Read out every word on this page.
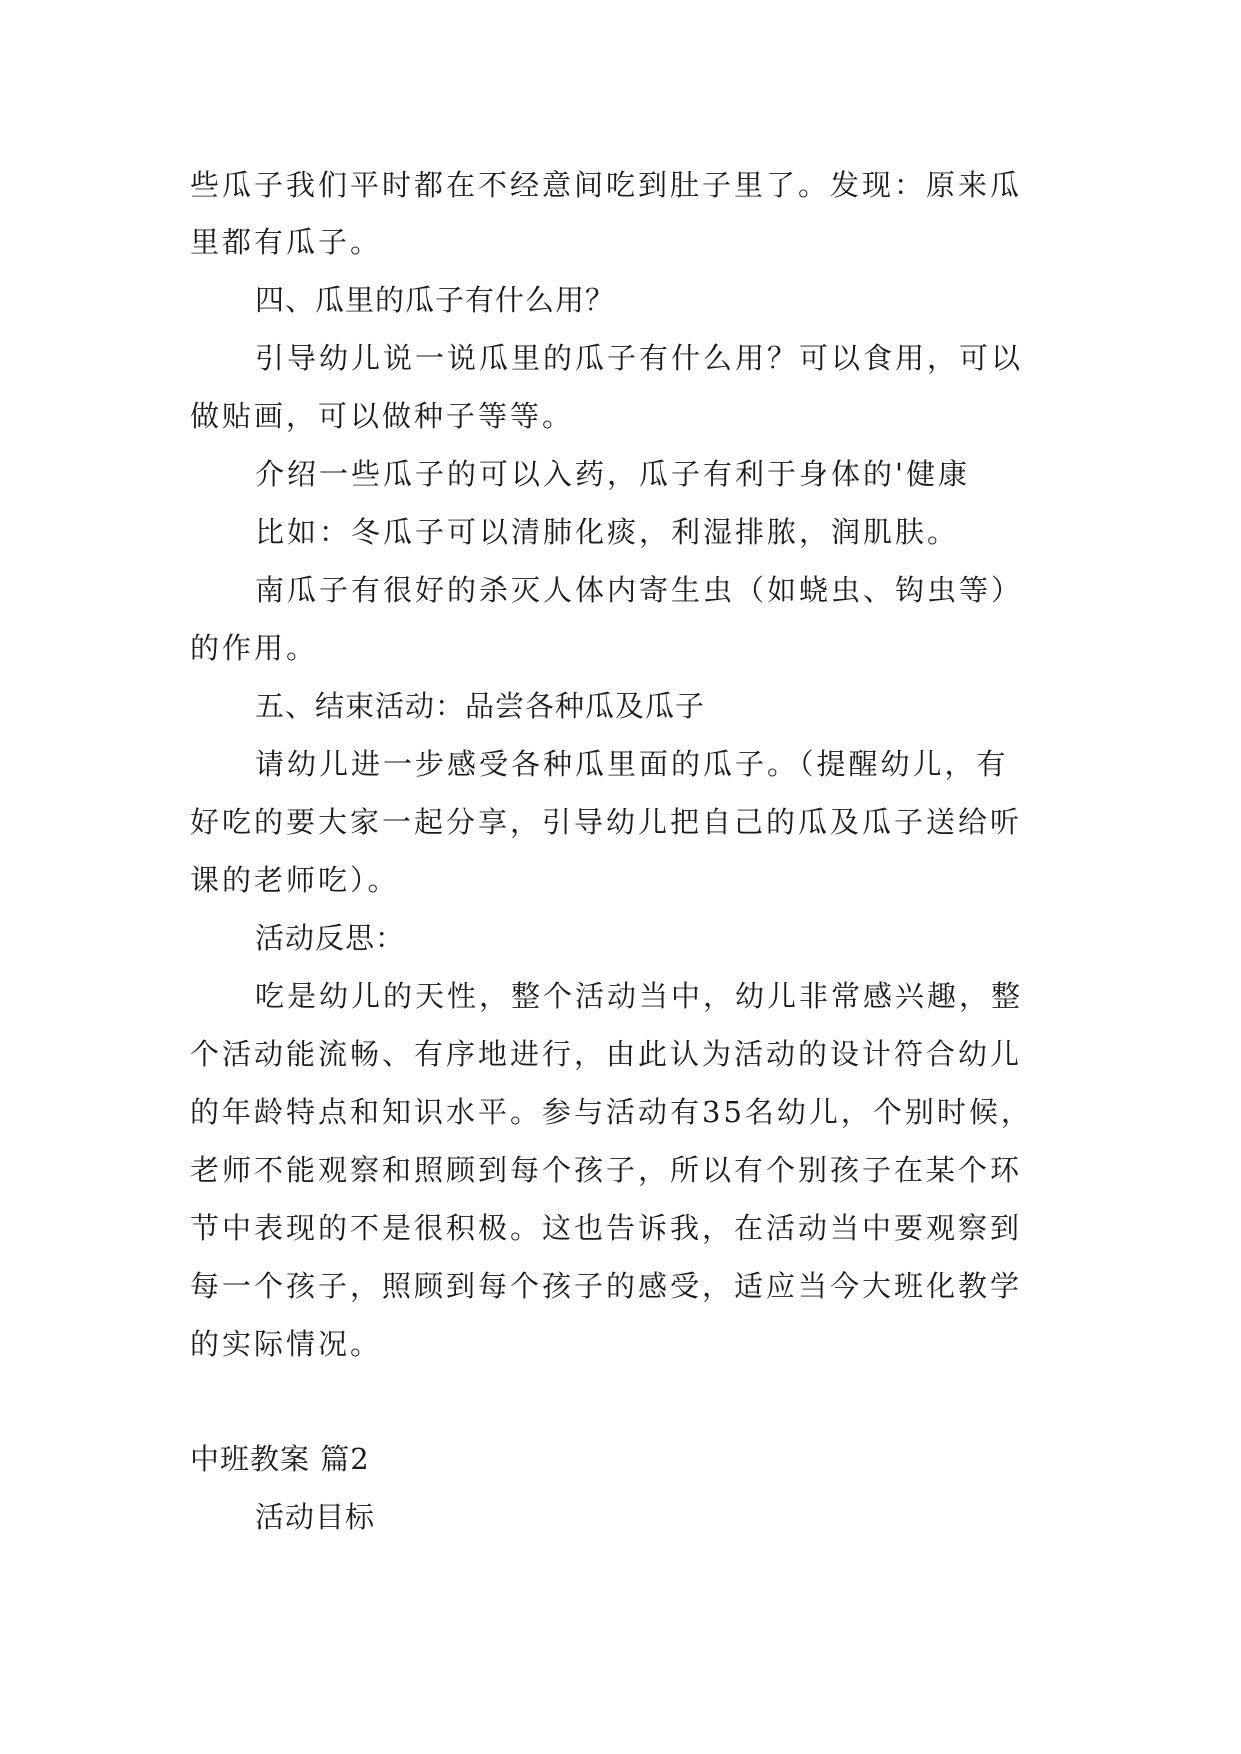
些瓜子我们平时都在不经意间吃到肚子里了。发现：原来瓜
里都有瓜子。
四、瓜里的瓜子有什么用？
引导幼儿说一说瓜里的瓜子有什么用？可以食用，可以
做贴画，可以做种子等等。
介绍一些瓜子的可以入药，瓜子有利于身体的'健康
比如：冬瓜子可以清肺化痰，利湿排脓，润肌肤。
南瓜子有很好的杀灭人体内寄生虫（如蛲虫、钩虫等）
的作用。
五、结束活动：品尝各种瓜及瓜子
请幼儿进一步感受各种瓜里面的瓜子。（提醒幼儿，有
好吃的要大家一起分享，引导幼儿把自己的瓜及瓜子送给听
课的老师吃）。
活动反思：
吃是幼儿的天性，整个活动当中，幼儿非常感兴趣，整
个活动能流畅、有序地进行，由此认为活动的设计符合幼儿
的年龄特点和知识水平。参与活动有35名幼儿，个别时候，
老师不能观察和照顾到每个孩子，所以有个别孩子在某个环
节中表现的不是很积极。这也告诉我，在活动当中要观察到
每一个孩子，照顾到每个孩子的感受，适应当今大班化教学
的实际情况。
中班教案 篇2
活动目标
